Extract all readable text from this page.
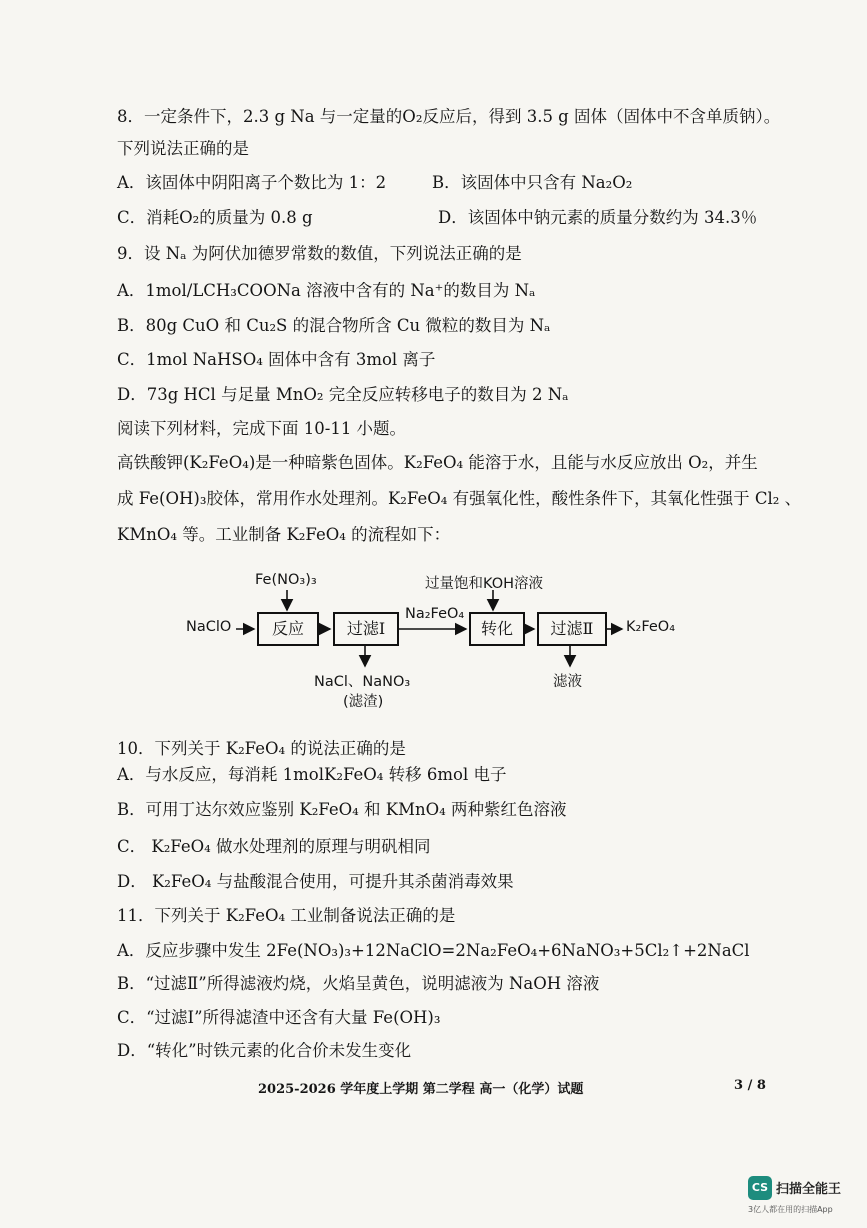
8．一定条件下，2.3 g Na 与一定量的O₂反应后，得到 3.5 g 固体（固体中不含单质钠）。
下列说法正确的是
A．该固体中阴阳离子个数比为 1：2	B．该固体中只含有 Na₂O₂
C．消耗O₂的质量为 0.8 g	D．该固体中钠元素的质量分数约为 34.3％
9．设 Nₐ 为阿伏加德罗常数的数值，下列说法正确的是
A．1mol/LCH₃COONa 溶液中含有的 Na⁺的数目为 Nₐ
B．80g CuO 和 Cu₂S 的混合物所含 Cu 微粒的数目为 Nₐ
C．1mol NaHSO₄ 固体中含有 3mol 离子
D．73g HCl 与足量 MnO₂ 完全反应转移电子的数目为 2 Nₐ
阅读下列材料，完成下面 10-11 小题。
高铁酸钾(K₂FeO₄)是一种暗紫色固体。K₂FeO₄ 能溶于水，且能与水反应放出 O₂，并生
成 Fe(OH)₃胶体，常用作水处理剂。K₂FeO₄ 有强氧化性，酸性条件下，其氧化性强于 Cl₂ 、
KMnO₄ 等。工业制备 K₂FeO₄ 的流程如下：
Fe(NO₃)₃	过量饱和KOH溶液
NaClO	反应	过滤Ⅰ
Na₂FeO₄
转化	过滤Ⅱ	K₂FeO₄
NaCl、NaNO₃
(滤渣)
滤液
10．下列关于 K₂FeO₄ 的说法正确的是
A．与水反应，每消耗 1molK₂FeO₄ 转移 6mol 电子
B．可用丁达尔效应鉴别 K₂FeO₄ 和 KMnO₄ 两种紫红色溶液
C． K₂FeO₄ 做水处理剂的原理与明矾相同
D． K₂FeO₄ 与盐酸混合使用，可提升其杀菌消毒效果
11．下列关于 K₂FeO₄ 工业制备说法正确的是
A．反应步骤中发生 2Fe(NO₃)₃+12NaClO=2Na₂FeO₄+6NaNO₃+5Cl₂↑+2NaCl
B．“过滤Ⅱ”所得滤液灼烧，火焰呈黄色，说明滤液为 NaOH 溶液
C．“过滤Ⅰ”所得滤渣中还含有大量 Fe(OH)₃
D．“转化”时铁元素的化合价未发生变化
2025-2026 学年度上学期 第二学程 高一（化学）试题	3 / 8
CS 扫描全能王
3亿人都在用的扫描App
